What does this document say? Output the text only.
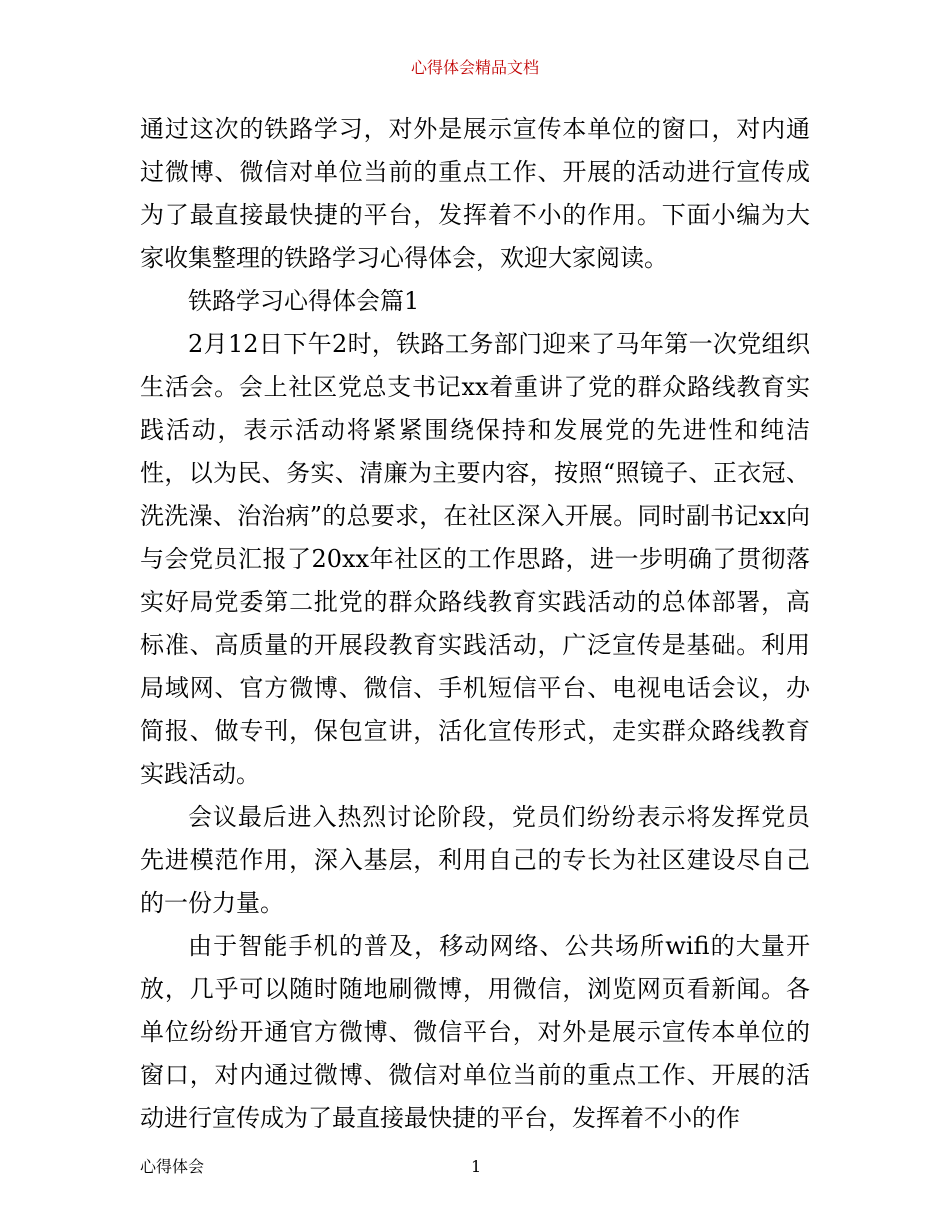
心得体会精品文档

通过这次的铁路学习，对外是展示宣传本单位的窗口，对内通过微博、微信对单位当前的重点工作、开展的活动进行宣传成为了最直接最快捷的平台，发挥着不小的作用。下面小编为大家收集整理的铁路学习心得体会，欢迎大家阅读。

铁路学习心得体会篇1

2月12日下午2时，铁路工务部门迎来了马年第一次党组织生活会。会上社区党总支书记xx着重讲了党的群众路线教育实践活动，表示活动将紧紧围绕保持和发展党的先进性和纯洁性，以为民、务实、清廉为主要内容，按照“照镜子、正衣冠、洗洗澡、治治病”的总要求，在社区深入开展。同时副书记xx向与会党员汇报了20xx年社区的工作思路，进一步明确了贯彻落实好局党委第二批党的群众路线教育实践活动的总体部署，高标准、高质量的开展段教育实践活动，广泛宣传是基础。利用局域网、官方微博、微信、手机短信平台、电视电话会议，办简报、做专刊，保包宣讲，活化宣传形式，走实群众路线教育实践活动。

会议最后进入热烈讨论阶段，党员们纷纷表示将发挥党员先进模范作用，深入基层，利用自己的专长为社区建设尽自己的一份力量。

由于智能手机的普及，移动网络、公共场所wifi的大量开放，几乎可以随时随地刷微博，用微信，浏览网页看新闻。各单位纷纷开通官方微博、微信平台，对外是展示宣传本单位的窗口，对内通过微博、微信对单位当前的重点工作、开展的活动进行宣传成为了最直接最快捷的平台，发挥着不小的作

心得体会	1
